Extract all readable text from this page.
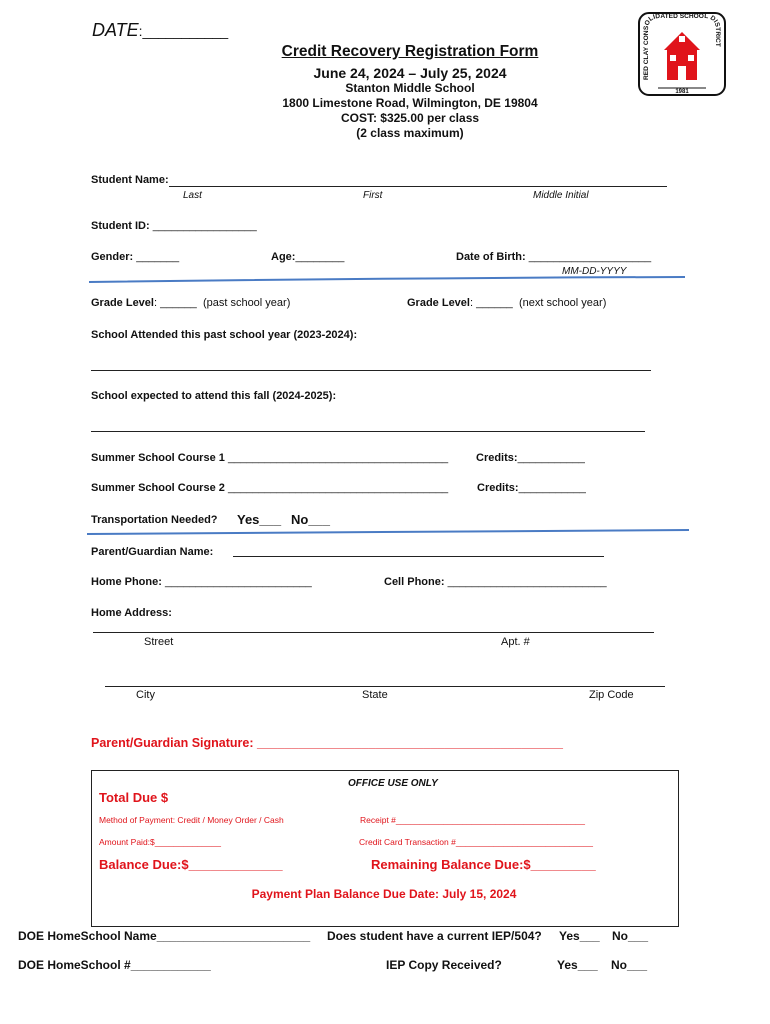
DATE:___________
Credit Recovery Registration Form
June 24, 2024 – July 25, 2024
Stanton Middle School
1800 Limestone Road, Wilmington, DE 19804
COST: $325.00 per class
(2 class maximum)
RED CLAY CONSOLIDATED SCHOOL DISTRICT
1981
Student Name:
Last	First	Middle Initial
Student ID: _________________
Gender: _______	Age:________	Date of Birth: ____________________
MM-DD-YYYY
Grade Level: ______ (past school year)	Grade Level: ______ (next school year)
School Attended this past school year (2023-2024):
School expected to attend this fall (2024-2025):
Summer School Course 1 ____________________________________	Credits:___________
Summer School Course 2 ____________________________________	Credits:___________
Transportation Needed? Yes___ No___
Parent/Guardian Name:
Home Phone: ________________________	Cell Phone: __________________________
Home Address:
Street	Apt. #
City	State	Zip Code
Parent/Guardian Signature: ____________________________________________
OFFICE USE ONLY
Total Due $
Method of Payment: Credit / Money Order / Cash	Receipt #________________________________________
Amount Paid:$______________	Credit Card Transaction #_____________________________
Balance Due:$_____________	Remaining Balance Due:$_________
Payment Plan Balance Due Date: July 15, 2024
DOE HomeSchool Name_______________________ Does student have a current IEP/504? Yes___ No___
DOE HomeSchool #____________	IEP Copy Received?	Yes___ No___
